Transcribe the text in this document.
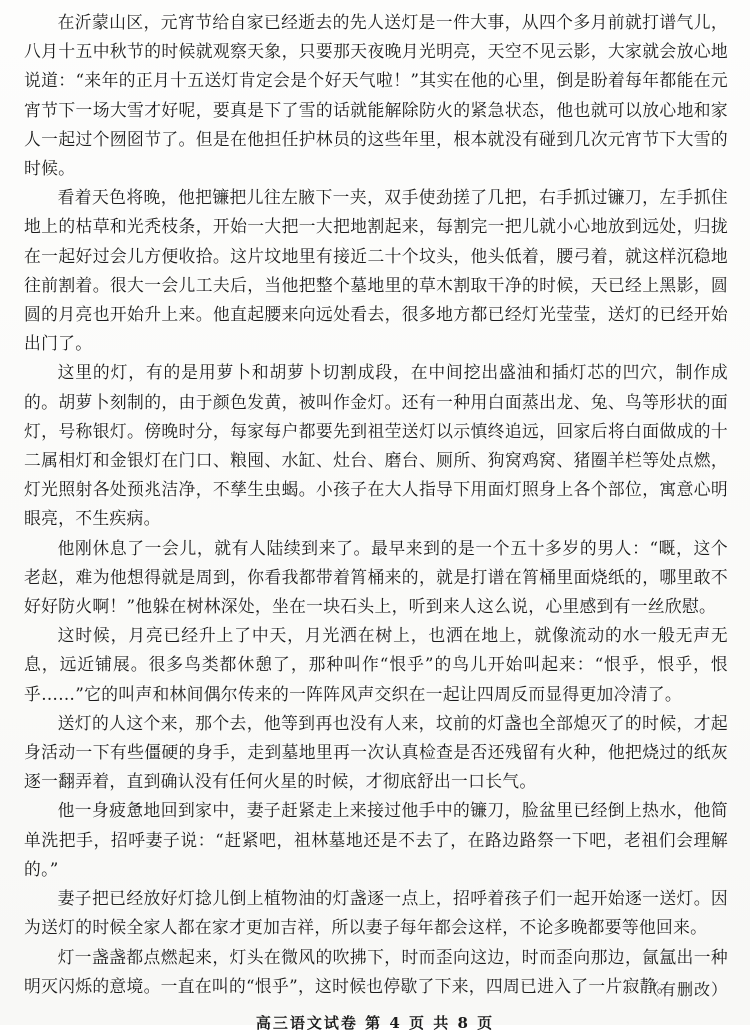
在沂蒙山区，元宵节给自家已经逝去的先人送灯是一件大事，从四个多月前就打谱气儿，八月十五中秋节的时候就观察天象，只要那天夜晚月光明亮，天空不见云影，大家就会放心地说道：“来年的正月十五送灯肯定会是个好天气啦！”其实在他的心里，倒是盼着每年都能在元宵节下一场大雪才好呢，要真是下了雪的话就能解除防火的紧急状态，他也就可以放心地和家人一起过个囫囵节了。但是在他担任护林员的这些年里，根本就没有碰到几次元宵节下大雪的时候。

看着天色将晚，他把镰把儿往左腋下一夹，双手使劲搓了几把，右手抓过镰刀，左手抓住地上的枯草和光秃枝条，开始一大把一大把地割起来，每割完一把儿就小心地放到远处，归拢在一起好过会儿方便收拾。这片坟地里有接近二十个坟头，他头低着，腰弓着，就这样沉稳地往前割着。很大一会儿工夫后，当他把整个墓地里的草木割取干净的时候，天已经上黑影，圆圆的月亮也开始升上来。他直起腰来向远处看去，很多地方都已经灯光莹莹，送灯的已经开始出门了。

这里的灯，有的是用萝卜和胡萝卜切割成段，在中间挖出盛油和插灯芯的凹穴，制作成的。胡萝卜刻制的，由于颜色发黄，被叫作金灯。还有一种用白面蒸出龙、兔、鸟等形状的面灯，号称银灯。傍晚时分，每家每户都要先到祖茔送灯以示慎终追远，回家后将白面做成的十二属相灯和金银灯在门口、粮囤、水缸、灶台、磨台、厕所、狗窝鸡窝、猪圈羊栏等处点燃，灯光照射各处预兆洁净，不孳生虫蝎。小孩子在大人指导下用面灯照身上各个部位，寓意心明眼亮，不生疾病。

他刚休息了一会儿，就有人陆续到来了。最早来到的是一个五十多岁的男人：“嘅，这个老赵，难为他想得就是周到，你看我都带着筲桶来的，就是打谱在筲桶里面烧纸的，哪里敢不好好防火啊！”他躲在树林深处，坐在一块石头上，听到来人这么说，心里感到有一丝欣慰。

这时候，月亮已经升上了中天，月光洒在树上，也洒在地上，就像流动的水一般无声无息，远近铺展。很多鸟类都休憩了，那种叫作“恨乎”的鸟儿开始叫起来：“恨乎，恨乎，恨乎……”它的叫声和林间偶尔传来的一阵阵风声交织在一起让四周反而显得更加冷清了。

送灯的人这个来，那个去，他等到再也没有人来，坟前的灯盏也全部熄灭了的时候，才起身活动一下有些僵硬的身手，走到墓地里再一次认真检查是否还残留有火种，他把烧过的纸灰逐一翻弄着，直到确认没有任何火星的时候，才彻底舒出一口长气。

他一身疲惫地回到家中，妻子赶紧走上来接过他手中的镰刀，脸盆里已经倒上热水，他简单洗把手，招呼妻子说：“赶紧吧，祖林墓地还是不去了，在路边路祭一下吧，老祖们会理解的。”

妻子把已经放好灯捻儿倒上植物油的灯盏逐一点上，招呼着孩子们一起开始逐一送灯。因为送灯的时候全家人都在家才更加吉祥，所以妻子每年都会这样，不论多晚都要等他回来。

灯一盏盏都点燃起来，灯头在微风的吹拂下，时而歪向这边，时而歪向那边，氤氲出一种明灭闪烁的意境。一直在叫的“恨乎”，这时候也停歇了下来，四周已进入了一片寂静。

（有删改）
高三语文试卷 第 4 页 共 8 页
